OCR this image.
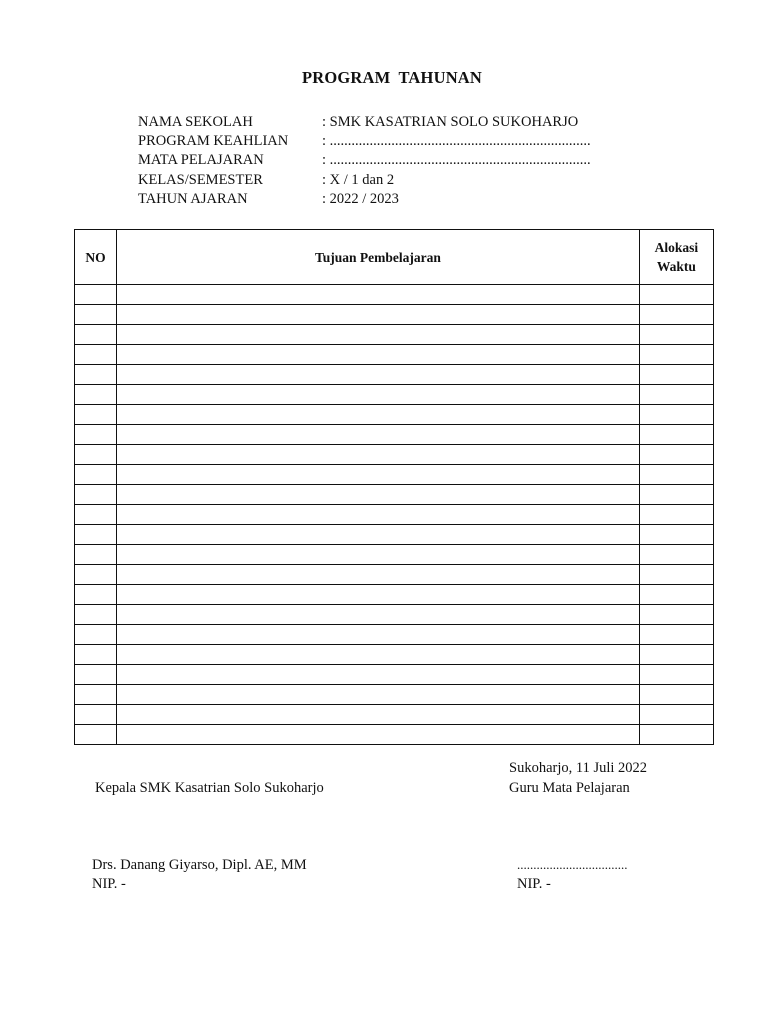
PROGRAM TAHUNAN
NAMA SEKOLAH	: SMK KASATRIAN SOLO SUKOHARJO
PROGRAM KEAHLIAN	: ........................................................................
MATA PELAJARAN	: ........................................................................
KELAS/SEMESTER	: X / 1 dan 2
TAHUN AJARAN	: 2022 / 2023
NO	Tujuan Pembelajaran	Alokasi
Waktu

Sukoharjo, 11 Juli 2022
Kepala SMK Kasatrian Solo Sukoharjo	Guru Mata Pelajaran
Drs. Danang Giyarso, Dipl. AE, MM
NIP. -
..................................
NIP. -
